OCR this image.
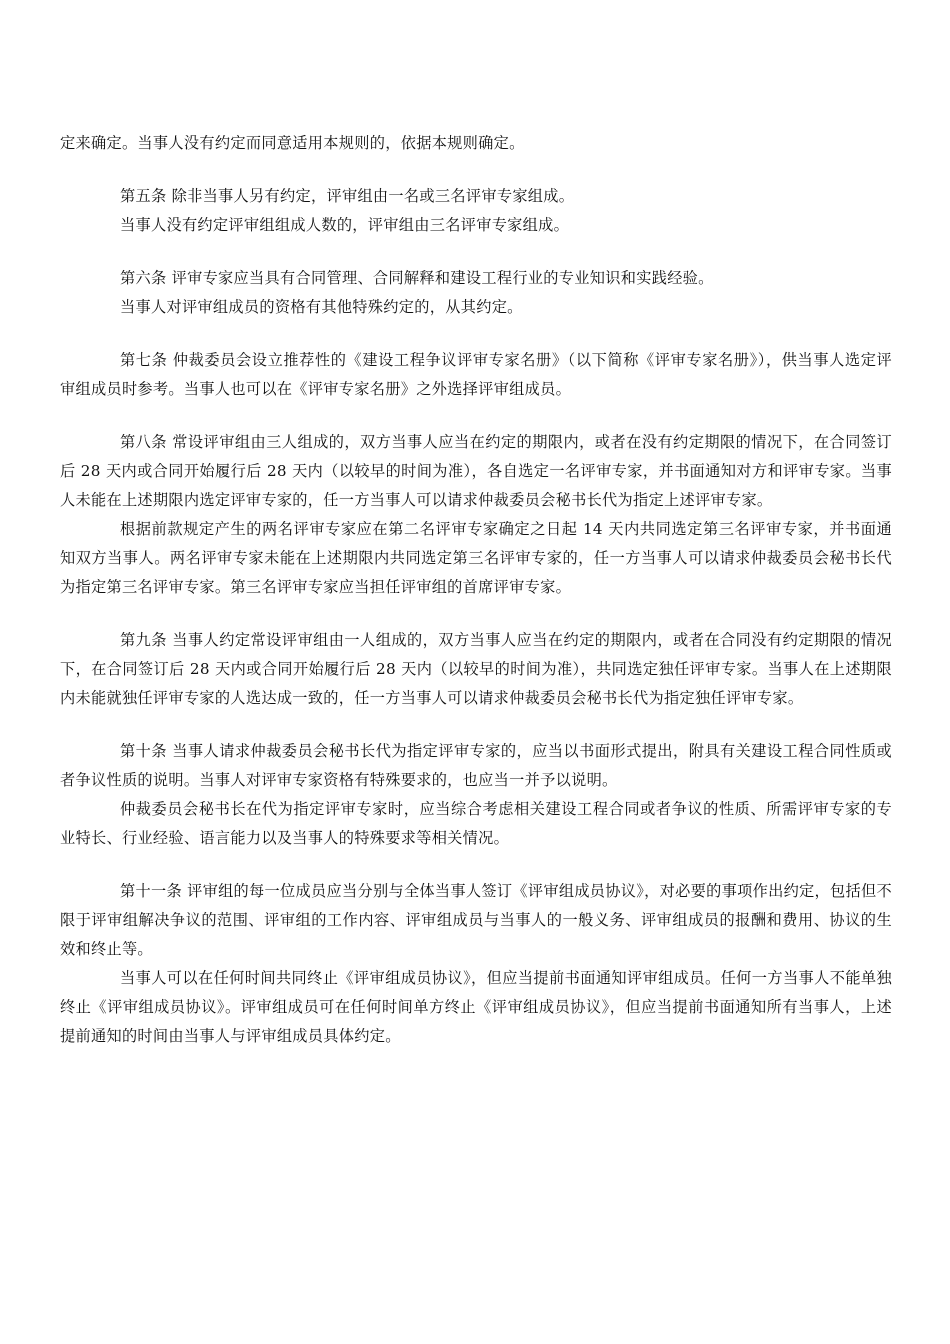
定来确定。当事人没有约定而同意适用本规则的，依据本规则确定。

第五条 除非当事人另有约定，评审组由一名或三名评审专家组成。

当事人没有约定评审组组成人数的，评审组由三名评审专家组成。

第六条 评审专家应当具有合同管理、合同解释和建设工程行业的专业知识和实践经验。

当事人对评审组成员的资格有其他特殊约定的，从其约定。

第七条 仲裁委员会设立推荐性的《建设工程争议评审专家名册》（以下简称《评审专家名册》），供当事人选定评审组成员时参考。当事人也可以在《评审专家名册》之外选择评审组成员。

第八条 常设评审组由三人组成的，双方当事人应当在约定的期限内，或者在没有约定期限的情况下，在合同签订后 28 天内或合同开始履行后 28 天内（以较早的时间为准），各自选定一名评审专家，并书面通知对方和评审专家。当事人未能在上述期限内选定评审专家的，任一方当事人可以请求仲裁委员会秘书长代为指定上述评审专家。

根据前款规定产生的两名评审专家应在第二名评审专家确定之日起 14 天内共同选定第三名评审专家，并书面通知双方当事人。两名评审专家未能在上述期限内共同选定第三名评审专家的，任一方当事人可以请求仲裁委员会秘书长代为指定第三名评审专家。第三名评审专家应当担任评审组的首席评审专家。

第九条 当事人约定常设评审组由一人组成的，双方当事人应当在约定的期限内，或者在合同没有约定期限的情况下，在合同签订后 28 天内或合同开始履行后 28 天内（以较早的时间为准），共同选定独任评审专家。当事人在上述期限内未能就独任评审专家的人选达成一致的，任一方当事人可以请求仲裁委员会秘书长代为指定独任评审专家。

第十条 当事人请求仲裁委员会秘书长代为指定评审专家的，应当以书面形式提出，附具有关建设工程合同性质或者争议性质的说明。当事人对评审专家资格有特殊要求的，也应当一并予以说明。

仲裁委员会秘书长在代为指定评审专家时，应当综合考虑相关建设工程合同或者争议的性质、所需评审专家的专业特长、行业经验、语言能力以及当事人的特殊要求等相关情况。

第十一条 评审组的每一位成员应当分别与全体当事人签订《评审组成员协议》，对必要的事项作出约定，包括但不限于评审组解决争议的范围、评审组的工作内容、评审组成员与当事人的一般义务、评审组成员的报酬和费用、协议的生效和终止等。

当事人可以在任何时间共同终止《评审组成员协议》，但应当提前书面通知评审组成员。任何一方当事人不能单独终止《评审组成员协议》。评审组成员可在任何时间单方终止《评审组成员协议》，但应当提前书面通知所有当事人，上述提前通知的时间由当事人与评审组成员具体约定。
